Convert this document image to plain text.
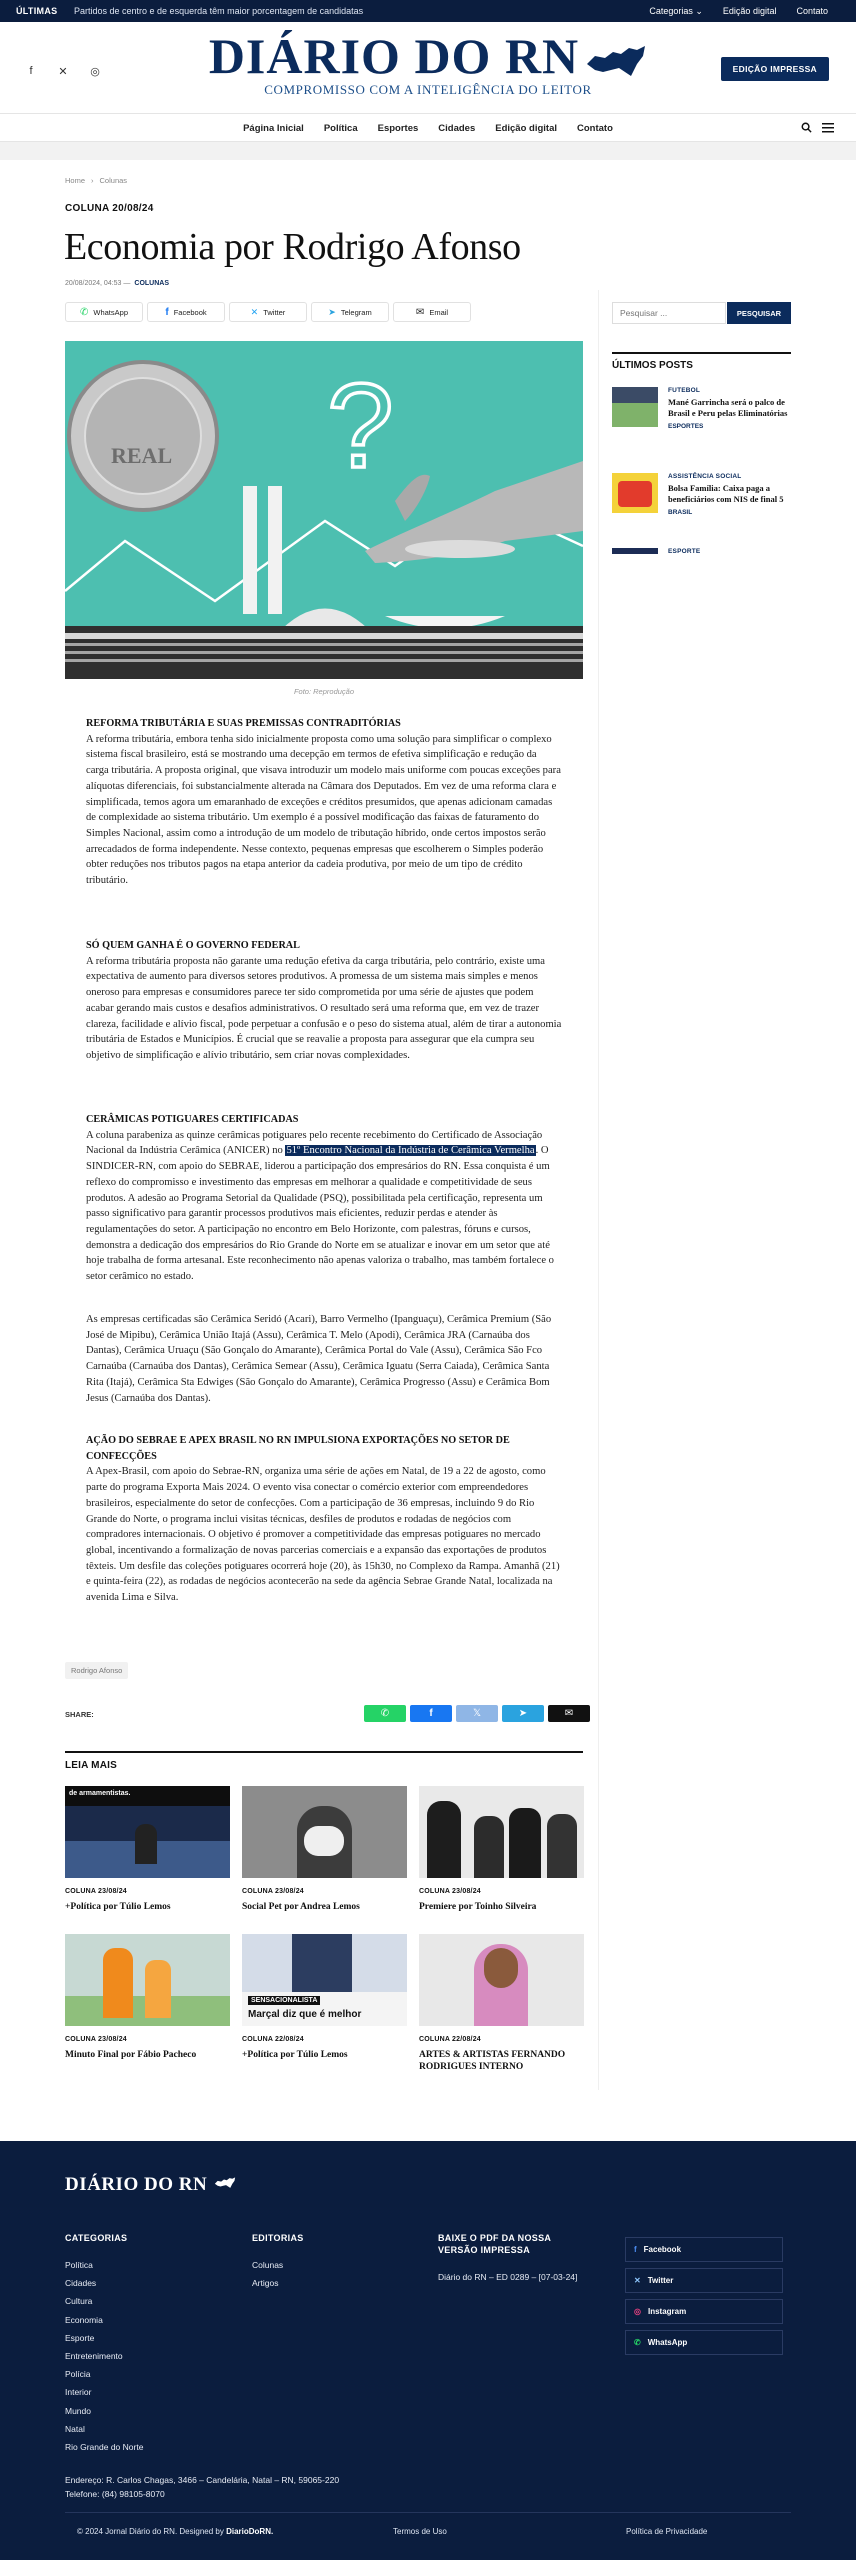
ÚLTIMAS Partidos de centro e de esquerda têm maior porcentagem de candidatas	Categorias ⌄ Edição digital Contato
f	✕	◎	DIÁRIO DO RN
COMPROMISSO COM A INTELIGÊNCIA DO LEITOR
EDIÇÃO IMPRESSA
Página Inicial Política Esportes Cidades Edição digital Contato
Home › Colunas
COLUNA 20/08/24
Economia por Rodrigo Afonso
20/08/2024, 04:53 — COLUNAS
✆ WhatsApp	f Facebook	✕ Twitter	➤ Telegram	✉ Email
REAL ?
Foto: Reprodução
REFORMA TRIBUTÁRIA E SUAS PREMISSAS CONTRADITÓRIAS

A reforma tributária, embora tenha sido inicialmente proposta como uma solução para simplificar o complexo sistema fiscal brasileiro, está se mostrando uma decepção em termos de efetiva simplificação e redução da carga tributária. A proposta original, que visava introduzir um modelo mais uniforme com poucas exceções para alíquotas diferenciais, foi substancialmente alterada na Câmara dos Deputados. Em vez de uma reforma clara e simplificada, temos agora um emaranhado de exceções e créditos presumidos, que apenas adicionam camadas de complexidade ao sistema tributário. Um exemplo é a possível modificação das faixas de faturamento do Simples Nacional, assim como a introdução de um modelo de tributação híbrido, onde certos impostos serão arrecadados de forma independente. Nesse contexto, pequenas empresas que escolherem o Simples poderão obter reduções nos tributos pagos na etapa anterior da cadeia produtiva, por meio de um tipo de crédito tributário.

SÓ QUEM GANHA É O GOVERNO FEDERAL

A reforma tributária proposta não garante uma redução efetiva da carga tributária, pelo contrário, existe uma expectativa de aumento para diversos setores produtivos. A promessa de um sistema mais simples e menos oneroso para empresas e consumidores parece ter sido comprometida por uma série de ajustes que podem acabar gerando mais custos e desafios administrativos. O resultado será uma reforma que, em vez de trazer clareza, facilidade e alívio fiscal, pode perpetuar a confusão e o peso do sistema atual, além de tirar a autonomia tributária de Estados e Municípios. É crucial que se reavalie a proposta para assegurar que ela cumpra seu objetivo de simplificação e alívio tributário, sem criar novas complexidades.

CERÂMICAS POTIGUARES CERTIFICADAS

A coluna parabeniza as quinze cerâmicas potiguares pelo recente recebimento do Certificado de Associação Nacional da Indústria Cerâmica (ANICER) no 51º Encontro Nacional da Indústria de Cerâmica Vermelha. O SINDICER-RN, com apoio do SEBRAE, liderou a participação dos empresários do RN. Essa conquista é um reflexo do compromisso e investimento das empresas em melhorar a qualidade e competitividade de seus produtos. A adesão ao Programa Setorial da Qualidade (PSQ), possibilitada pela certificação, representa um passo significativo para garantir processos produtivos mais eficientes, reduzir perdas e atender às regulamentações do setor. A participação no encontro em Belo Horizonte, com palestras, fóruns e cursos, demonstra a dedicação dos empresários do Rio Grande do Norte em se atualizar e inovar em um setor que até hoje trabalha de forma artesanal. Este reconhecimento não apenas valoriza o trabalho, mas também fortalece o setor cerâmico no estado.

As empresas certificadas são Cerâmica Seridó (Acari), Barro Vermelho (Ipanguaçu), Cerâmica Premium (São José de Mipibu), Cerâmica União Itajá (Assu), Cerâmica T. Melo (Apodi), Cerâmica JRA (Carnaúba dos Dantas), Cerâmica Uruaçu (São Gonçalo do Amarante), Cerâmica Portal do Vale (Assu), Cerâmica São Fco Carnaúba (Carnaúba dos Dantas), Cerâmica Semear (Assu), Cerâmica Iguatu (Serra Caiada), Cerâmica Santa Rita (Itajá), Cerâmica Sta Edwiges (São Gonçalo do Amarante), Cerâmica Progresso (Assu) e Cerâmica Bom Jesus (Carnaúba dos Dantas).

AÇÃO DO SEBRAE E APEX BRASIL NO RN IMPULSIONA EXPORTAÇÕES NO SETOR DE CONFECÇÕES

A Apex-Brasil, com apoio do Sebrae-RN, organiza uma série de ações em Natal, de 19 a 22 de agosto, como parte do programa Exporta Mais 2024. O evento visa conectar o comércio exterior com empreendedores brasileiros, especialmente do setor de confecções. Com a participação de 36 empresas, incluindo 9 do Rio Grande do Norte, o programa inclui visitas técnicas, desfiles de produtos e rodadas de negócios com compradores internacionais. O objetivo é promover a competitividade das empresas potiguares no mercado global, incentivando a formalização de novas parcerias comerciais e a expansão das exportações de produtos têxteis. Um desfile das coleções potiguares ocorrerá hoje (20), às 15h30, no Complexo da Rampa. Amanhã (21) e quinta-feira (22), as rodadas de negócios acontecerão na sede da agência Sebrae Grande Natal, localizada na avenida Lima e Silva.

Rodrigo Afonso
SHARE:	✆	f	𝕏	➤	✉
LEIA MAIS
de armamentistas.
COLUNA 23/08/24
+Política por Túlio Lemos
COLUNA 23/08/24
Social Pet por Andrea Lemos
COLUNA 23/08/24
Premiere por Toinho Silveira
COLUNA 23/08/24
Minuto Final por Fábio Pacheco
SENSACIONALISTA
Marçal diz que é melhor
COLUNA 22/08/24
+Política por Túlio Lemos
COLUNA 22/08/24
ARTES & ARTISTAS FERNANDO RODRIGUES INTERNO
Pesquisar ...
PESQUISAR
ÚLTIMOS POSTS
FUTEBOL
Mané Garrincha será o palco de Brasil e Peru pelas Eliminatórias
ESPORTES
ASSISTÊNCIA SOCIAL
Bolsa Família: Caixa paga a beneficiários com NIS de final 5
BRASIL
ESPORTE
DIÁRIO DO RN
CATEGORIAS
Política
Cidades
Cultura
Economia
Esporte
Entretenimento
Polícia
Interior
Mundo
Natal
Rio Grande do Norte
EDITORIAS
Colunas
Artigos
BAIXE O PDF DA NOSSA VERSÃO IMPRESSA
Diário do RN – ED 0289 – [07-03-24]
f Facebook
✕ Twitter
◎ Instagram
✆ WhatsApp
Endereço: R. Carlos Chagas, 3466 – Candelária, Natal – RN, 59065-220
Telefone: (84) 98105-8070
© 2024 Jornal Diário do RN. Designed by DiarioDoRN.	Termos de Uso	Política de Privacidade
